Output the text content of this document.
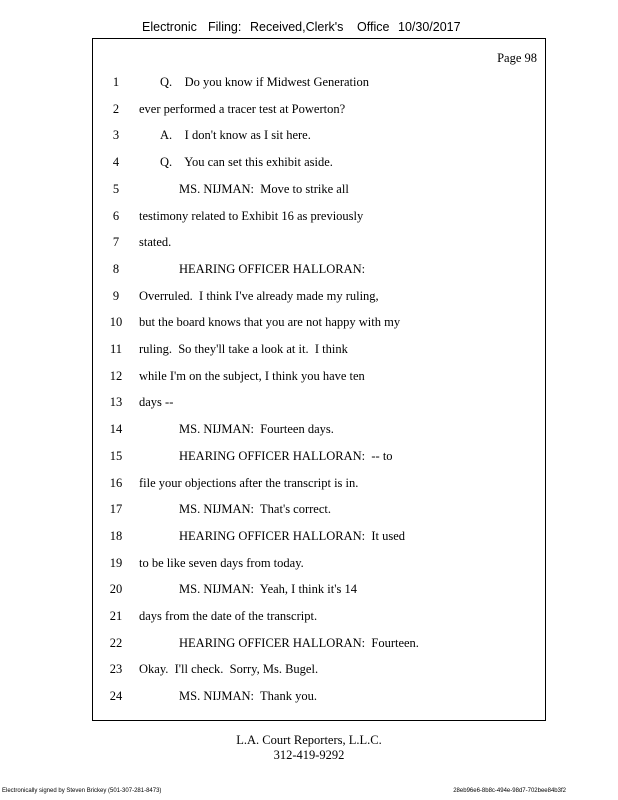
Electronic Filing: Received,Clerk's Office 10/30/2017
Page 98
1	Q.    Do you know if Midwest Generation
2	ever performed a tracer test at Powerton?
3	A.    I don't know as I sit here.
4	Q.    You can set this exhibit aside.
5	MS. NIJMAN:  Move to strike all
6	testimony related to Exhibit 16 as previously
7	stated.
8	HEARING OFFICER HALLORAN:
9	Overruled.  I think I've already made my ruling,
10	but the board knows that you are not happy with my
11	ruling.  So they'll take a look at it.  I think
12	while I'm on the subject, I think you have ten
13	days --
14	MS. NIJMAN:  Fourteen days.
15	HEARING OFFICER HALLORAN:  -- to
16	file your objections after the transcript is in.
17	MS. NIJMAN:  That's correct.
18	HEARING OFFICER HALLORAN:  It used
19	to be like seven days from today.
20	MS. NIJMAN:  Yeah, I think it's 14
21	days from the date of the transcript.
22	HEARING OFFICER HALLORAN:  Fourteen.
23	Okay.  I'll check.  Sorry, Ms. Bugel.
24	MS. NIJMAN:  Thank you.
L.A. Court Reporters, L.L.C.
312-419-9292
Electronically signed by Steven Brickey (501-307-281-8473)	28eb96e6-8b8c-494e-98d7-702bee84b3f2
